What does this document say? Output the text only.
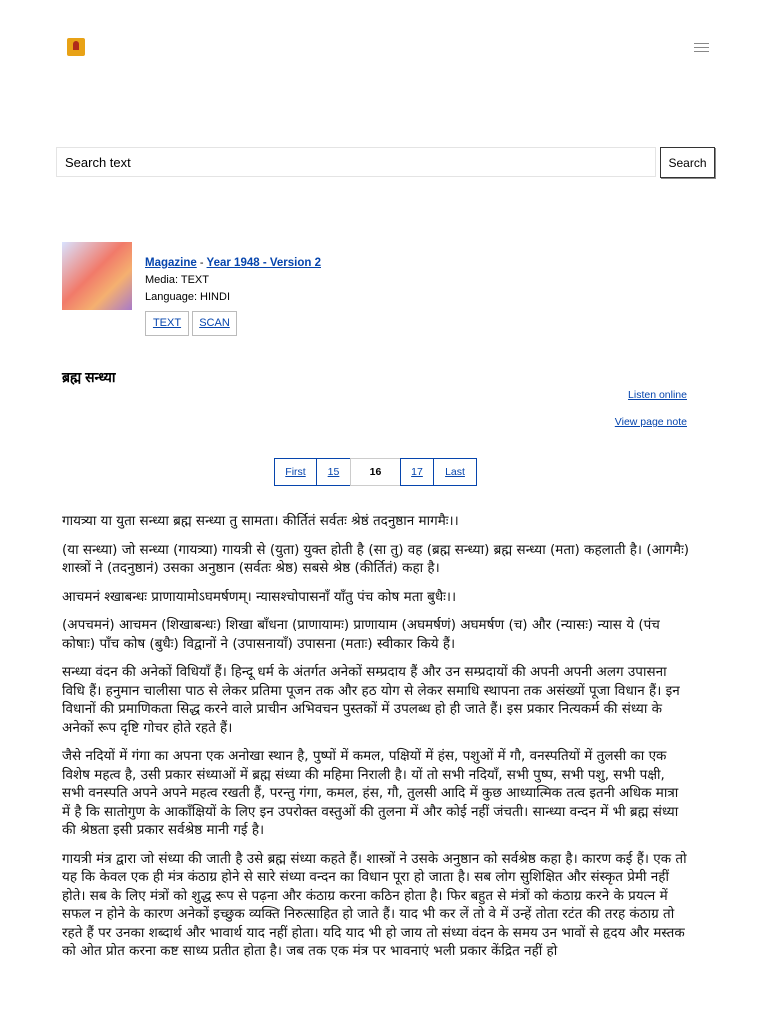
Search text
Search
Magazine - Year 1948 - Version 2
Media: TEXT
Language: HINDI
TEXT	SCAN
ब्रह्म सन्ध्या
Listen online
View page note
First	15	16	17	Last

गायत्र्या या युता सन्ध्या ब्रह्म सन्ध्या तु सामता। कीर्तितं सर्वतः श्रेष्ठं तदनुष्ठान मागमैः।।

(या सन्ध्या) जो सन्ध्या (गायत्र्या) गायत्री से (युता) युक्त होती है (सा तु) वह (ब्रह्म सन्ध्या) ब्रह्म सन्ध्या (मता) कहलाती है। (आगमैः) शास्त्रों ने (तदनुष्ठानं) उसका अनुष्ठान (सर्वतः श्रेष्ठ) सबसे श्रेष्ठ (कीर्तितं) कहा है।

आचमनं श्खाबन्धः प्राणायामोऽघमर्षणम्। न्यासश्चोपासनाँ याँतु पंच कोष मता बुधैः।।

(अपचमनं) आचमन (शिखाबन्धः) शिखा बाँधना (प्राणायामः) प्राणायाम (अघमर्षणं) अघमर्षण (च) और (न्यासः) न्यास ये (पंच कोषाः) पाँच कोष (बुधैः) विद्वानों ने (उपासनायाँ) उपासना (मताः) स्वीकार किये हैं।

सन्ध्या वंदन की अनेकों विधियाँ हैं। हिन्दू धर्म के अंतर्गत अनेकों सम्प्रदाय हैं और उन सम्प्रदायों की अपनी अपनी अलग उपासना विधि हैं। हनुमान चालीसा पाठ से लेकर प्रतिमा पूजन तक और हठ योग से लेकर समाधि स्थापना तक असंख्यों पूजा विधान हैं। इन विधानों की प्रमाणिकता सिद्ध करने वाले प्राचीन अभिवचन पुस्तकों में उपलब्ध हो ही जाते हैं। इस प्रकार नित्यकर्म की संध्या के अनेकों रूप दृष्टि गोचर होते रहते हैं।

जैसे नदियों में गंगा का अपना एक अनोखा स्थान है, पुष्पों में कमल, पक्षियों में हंस, पशुओं में गौ, वनस्पतियों में तुलसी का एक विशेष महत्व है, उसी प्रकार संध्याओं में ब्रह्म संध्या की महिमा निराली है। यों तो सभी नदियाँ, सभी पुष्प, सभी पशु, सभी पक्षी, सभी वनस्पति अपने अपने महत्व रखती हैं, परन्तु गंगा, कमल, हंस, गौ, तुलसी आदि में कुछ आध्यात्मिक तत्व इतनी अधिक मात्रा में है कि सातोगुण के आकाँक्षियों के लिए इन उपरोक्त वस्तुओं की तुलना में और कोई नहीं जंचती। सान्ध्या वन्दन में भी ब्रह्म संध्या की श्रेष्ठता इसी प्रकार सर्वश्रेष्ठ मानी गई है।

गायत्री मंत्र द्वारा जो संध्या की जाती है उसे ब्रह्म संध्या कहते हैं। शास्त्रों ने उसके अनुष्ठान को सर्वश्रेष्ठ कहा है। कारण कई हैं। एक तो यह कि केवल एक ही मंत्र कंठाग्र होने से सारे संध्या वन्दन का विधान पूरा हो जाता है। सब लोग सुशिक्षित और संस्कृत प्रेमी नहीं होते। सब के लिए मंत्रों को शुद्ध रूप से पढ़ना और कंठाग्र करना कठिन होता है। फिर बहुत से मंत्रों को कंठाग्र करने के प्रयत्न में सफल न होने के कारण अनेकों इच्छुक व्यक्ति निरुत्साहित हो जाते हैं। याद भी कर लें तो वे में उन्हें तोता रटंत की तरह कंठाग्र तो रहते हैं पर उनका शब्दार्थ और भावार्थ याद नहीं होता। यदि याद भी हो जाय तो संध्या वंदन के समय उन भावों से हृदय और मस्तक को ओत प्रोत करना कष्ट साध्य प्रतीत होता है। जब तक एक मंत्र पर भावनाएं भली प्रकार केंद्रित नहीं हो
